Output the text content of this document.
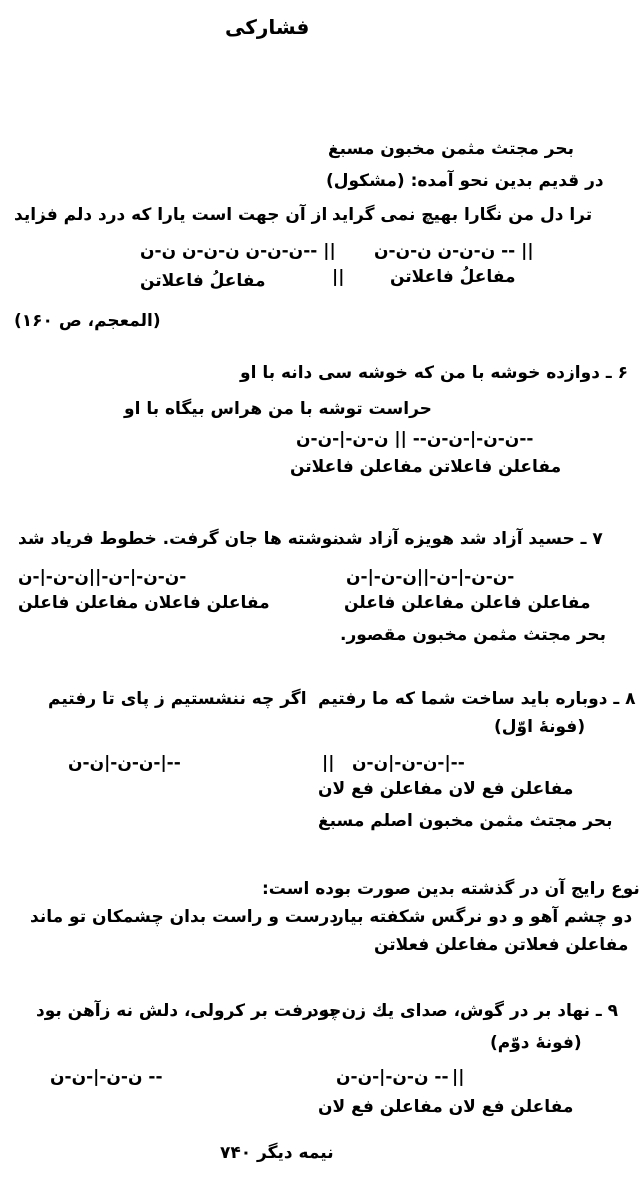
فشارکی
بحر مجتث مثمن مخبون مسبغ
در قدیم بدین نحو آمده: (مشکول)
ترا دل من نگارا بهیچ نمی گراید
از آن جهت است یارا که درد دلم فزاید
ن-ن-ن ن-ن-ن -- ||
ن-ن-ن ن-ن-ن ن-ن-- ||
مفاعلُ فاعلاتن
||
مفاعلُ فاعلاتن
(المعجم، ص ۱۶۰)
۶ ـ دوازده خوشه با من که خوشه سی دانه با او
حراست توشه با من هراس بیگاه با او
ن-ن-|-ن-ن-- || ن-ن-|-ن-ن--
مفاعلن فاعلاتن مفاعلن فاعلاتن
۷ ـ حسید آزاد شد هویزه آزاد شد
نوشته ها جان گرفت. خطوط فریاد شد
ن-ن-|-ن-||ن-ن-|-ن-
ن-ن-|-ن-||ن-ن-|-ن-
مفاعلن فاعلن مفاعلن فاعلن
مفاعلن فاعلان مفاعلن فاعلن
بحر مجتث مثمن مخبون مقصور.
۸ ـ دوباره باید ساخت شما که ما رفتیم
اگر چه ننشستیم ز پای تا رفتیم
(فونهٔ اوّل)
ن-ن-|ن-ن-|--
||
ن-ن-|ن-ن-|--
مفاعلن فع لان مفاعلن فع لان
بحر مجتث مثمن مخبون اصلم مسبغ
نوع رایج آن در گذشته بدین صورت بوده است:
دو چشم آهو و دو نرگس شکفته بیار
درست و راست بدان چشمکان تو ماند
مفاعلن فعلاتن مفاعلن فعلاتن
۹ ـ نهاد بر در گوش، صدای یك زن بود
چه رفت بر کرولی، دلش نه زآهن بود
(فونهٔ دوّم)
ن-ن-|-ن-ن -- ||
ن-ن-|-ن-ن --
مفاعلن فع لان مفاعلن فع لان
نیمه دیگر ۷۴۰
